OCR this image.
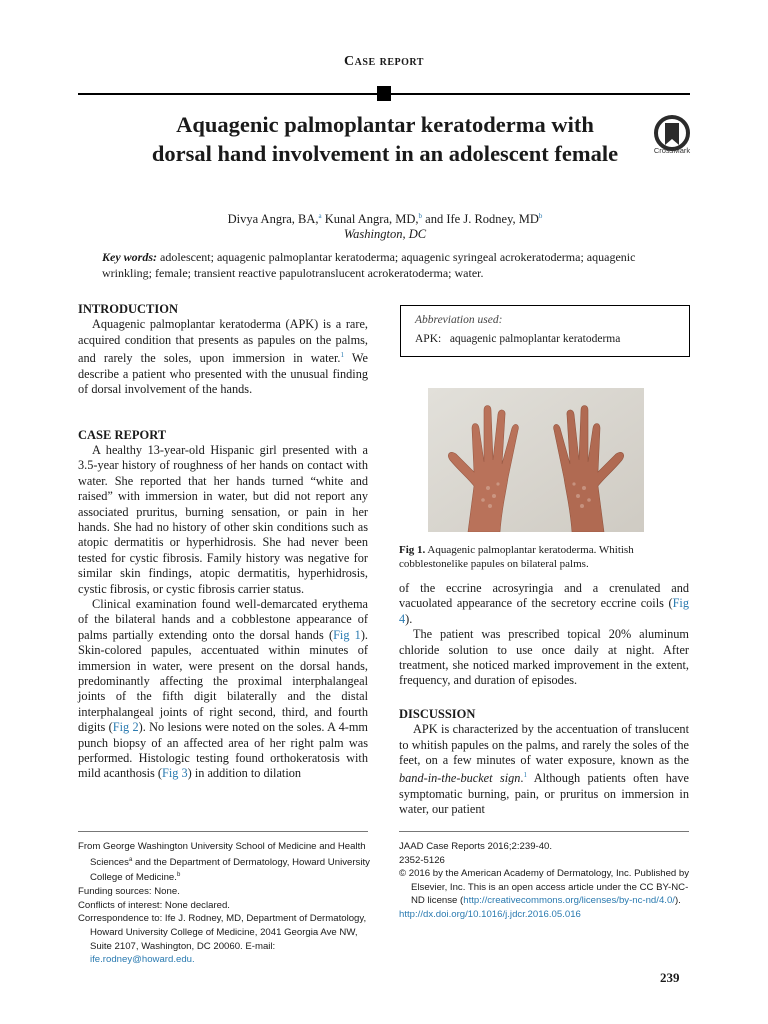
Case report
Aquagenic palmoplantar keratoderma with dorsal hand involvement in an adolescent female	CrossMark
Divya Angra, BA,$^a$ Kunal Angra, MD,$^b$ and Ife J. Rodney, $MD^b$
Washington, DC
Key words: adolescent; aquagenic palmoplantar keratoderma; aquagenic syringeal acrokeratoderma; aquagenic wrinkling; female; transient reactive papulotranslucent acrokeratoderma; water.
INTRODUCTION

Aquagenic palmoplantar keratoderma (APK) is a rare, acquired condition that presents as papules on the palms, and rarely the soles, upon immersion in water.$^1$ We describe a patient who presented with the unusual finding of dorsal involvement of the hands.

CASE REPORT

A healthy 13-year-old Hispanic girl presented with a 3.5-year history of roughness of her hands on contact with water. She reported that her hands turned “white and raised” with immersion in water, but did not report any associated pruritus, burning sensation, or pain in her hands. She had no history of other skin conditions such as atopic dermatitis or hyperhidrosis. She had never been tested for cystic fibrosis. Family history was negative for similar skin findings, atopic dermatitis, hyperhidrosis, cystic fibrosis, or cystic fibrosis carrier status.

Clinical examination found well-demarcated erythema of the bilateral hands and a cobblestone appearance of palms partially extending onto the dorsal hands (Fig 1). Skin-colored papules, accentuated within minutes of immersion in water, were present on the dorsal hands, predominantly affecting the proximal interphalangeal joints of the fifth digit bilaterally and the distal interphalangeal joints of right second, third, and fourth digits (Fig 2). No lesions were noted on the soles. A 4-mm punch biopsy of an affected area of her right palm was performed. Histologic testing found orthokeratosis with mild acanthosis (Fig 3) in addition to dilation

Abbreviation used:
APK: aquagenic palmoplantar keratoderma
Fig 1. Aquagenic palmoplantar keratoderma. Whitish cobblestonelike papules on bilateral palms.

of the eccrine acrosyringia and a crenulated and vacuolated appearance of the secretory eccrine coils (Fig 4).

The patient was prescribed topical 20% aluminum chloride solution to use once daily at night. After treatment, she noticed marked improvement in the extent, frequency, and duration of episodes.

DISCUSSION

APK is characterized by the accentuation of translucent to whitish papules on the palms, and rarely the soles of the feet, on a few minutes of water exposure, known as the band-in-the-bucket sign.$^1$ Although patients often have symptomatic burning, pain, or pruritus on immersion in water, our patient

From George Washington University School of Medicine and Health Sciences$^a$ and the Department of Dermatology, Howard University College of Medicine.$^b$
Funding sources: None.
Conflicts of interest: None declared.
Correspondence to: Ife J. Rodney, MD, Department of Dermatology, Howard University College of Medicine, 2041 Georgia Ave NW, Suite 2107, Washington, DC 20060. E-mail: ife.rodney@howard.edu.
JAAD Case Reports 2016;2:239-40.
2352-5126
© 2016 by the American Academy of Dermatology, Inc. Published by Elsevier, Inc. This is an open access article under the CC BY-NC-ND license (http://creativecommons.org/licenses/by-nc-nd/4.0/).
http://dx.doi.org/10.1016/j.jdcr.2016.05.016
239
